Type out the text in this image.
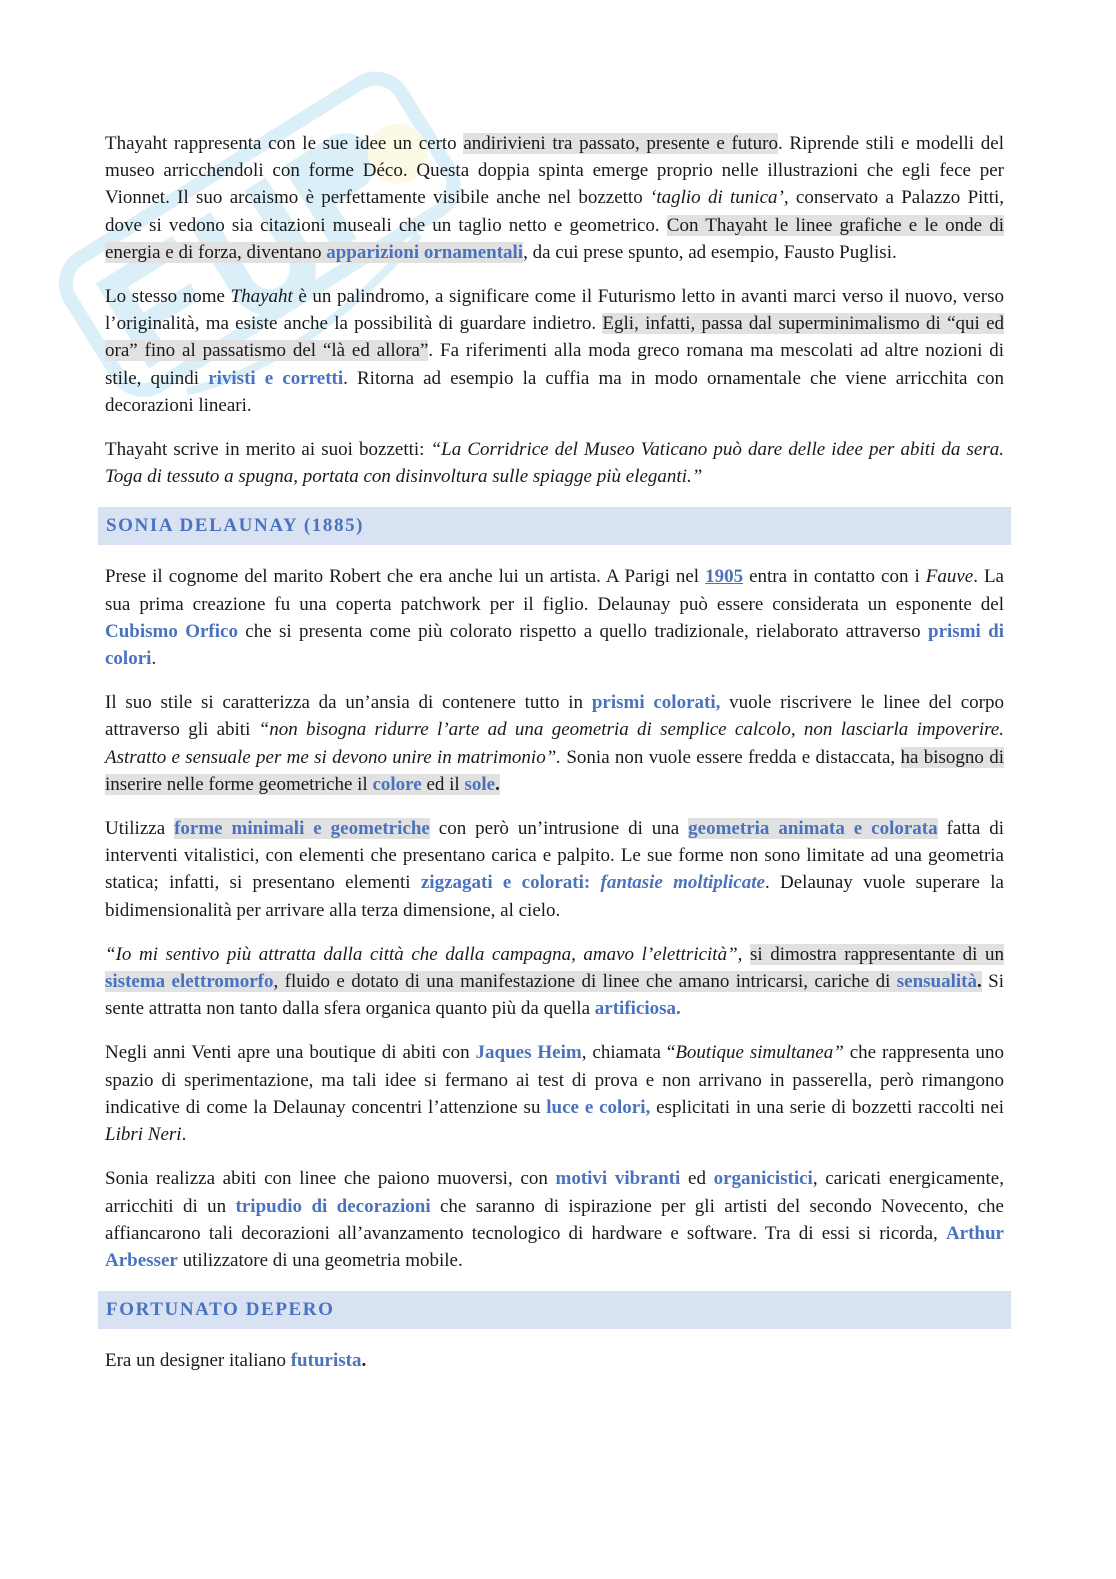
Thayaht rappresenta con le sue idee un certo andirivieni tra passato, presente e futuro. Riprende stili e modelli del museo arricchendoli con forme Déco. Questa doppia spinta emerge proprio nelle illustrazioni che egli fece per Vionnet. Il suo arcaismo è perfettamente visibile anche nel bozzetto ‘taglio di tunica’, conservato a Palazzo Pitti, dove si vedono sia citazioni museali che un taglio netto e geometrico. Con Thayaht le linee grafiche e le onde di energia e di forza, diventano apparizioni ornamentali, da cui prese spunto, ad esempio, Fausto Puglisi.

Lo stesso nome Thayaht è un palindromo, a significare come il Futurismo letto in avanti marci verso il nuovo, verso l’originalità, ma esiste anche la possibilità di guardare indietro. Egli, infatti, passa dal superminimalismo di “qui ed ora” fino al passatismo del “là ed allora”. Fa riferimenti alla moda greco romana ma mescolati ad altre nozioni di stile, quindi rivisti e corretti. Ritorna ad esempio la cuffia ma in modo ornamentale che viene arricchita con decorazioni lineari.

Thayaht scrive in merito ai suoi bozzetti: “La Corridrice del Museo Vaticano può dare delle idee per abiti da sera. Toga di tessuto a spugna, portata con disinvoltura sulle spiagge più eleganti.”

SONIA DELAUNAY (1885)

Prese il cognome del marito Robert che era anche lui un artista. A Parigi nel 1905 entra in contatto con i Fauve. La sua prima creazione fu una coperta patchwork per il figlio. Delaunay può essere considerata un esponente del Cubismo Orfico che si presenta come più colorato rispetto a quello tradizionale, rielaborato attraverso prismi di colori.

Il suo stile si caratterizza da un’ansia di contenere tutto in prismi colorati, vuole riscrivere le linee del corpo attraverso gli abiti “non bisogna ridurre l’arte ad una geometria di semplice calcolo, non lasciarla impoverire. Astratto e sensuale per me si devono unire in matrimonio”. Sonia non vuole essere fredda e distaccata, ha bisogno di inserire nelle forme geometriche il colore ed il sole.

Utilizza forme minimali e geometriche con però un’intrusione di una geometria animata e colorata fatta di interventi vitalistici, con elementi che presentano carica e palpito. Le sue forme non sono limitate ad una geometria statica; infatti, si presentano elementi zigzagati e colorati: fantasie moltiplicate. Delaunay vuole superare la bidimensionalità per arrivare alla terza dimensione, al cielo.

“Io mi sentivo più attratta dalla città che dalla campagna, amavo l’elettricità”, si dimostra rappresentante di un sistema elettromorfo, fluido e dotato di una manifestazione di linee che amano intricarsi, cariche di sensualità. Si sente attratta non tanto dalla sfera organica quanto più da quella artificiosa.

Negli anni Venti apre una boutique di abiti con Jaques Heim, chiamata “Boutique simultanea” che rappresenta uno spazio di sperimentazione, ma tali idee si fermano ai test di prova e non arrivano in passerella, però rimangono indicative di come la Delaunay concentri l’attenzione su luce e colori, esplicitati in una serie di bozzetti raccolti nei Libri Neri.

Sonia realizza abiti con linee che paiono muoversi, con motivi vibranti ed organicistici, caricati energicamente, arricchiti di un tripudio di decorazioni che saranno di ispirazione per gli artisti del secondo Novecento, che affiancarono tali decorazioni all’avanzamento tecnologico di hardware e software. Tra di essi si ricorda, Arthur Arbesser utilizzatore di una geometria mobile.

FORTUNATO DEPERO

Era un designer italiano futurista.
